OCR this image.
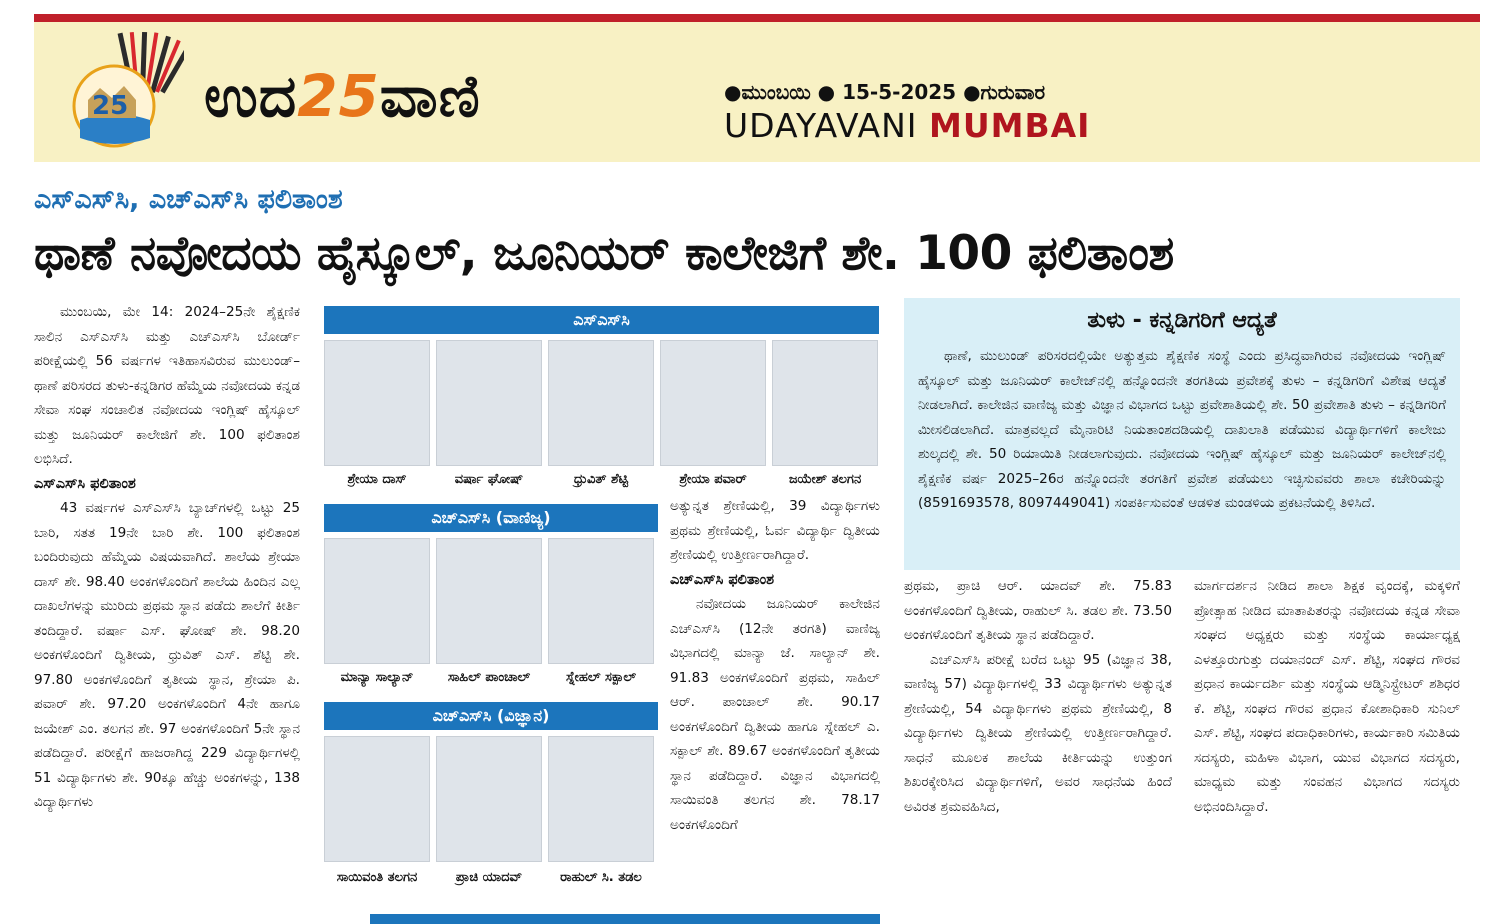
25 ಉದ25ವಾಣಿ	●ಮುಂಬಯಿ ● 15-5-2025 ●ಗುರುವಾರ
UDAYAVANI MUMBAI
ಎಸ್‌ಎಸ್‌ಸಿ, ಎಚ್‌ಎಸ್‌ಸಿ ಫಲಿತಾಂಶ
ಥಾಣೆ ನವೋದಯ ಹೈಸ್ಕೂಲ್‌, ಜೂನಿಯರ್‌ ಕಾಲೇಜಿಗೆ ಶೇ. 100 ಫಲಿತಾಂಶ

ಮುಂಬಯಿ, ಮೇ 14: 2024–25ನೇ ಶೈಕ್ಷಣಿಕ ಸಾಲಿನ ಎಸ್‌ಎಸ್‌ಸಿ ಮತ್ತು ಎಚ್‌ಎಸ್‌ಸಿ ಬೋರ್ಡ್‌ ಪರೀಕ್ಷೆಯಲ್ಲಿ 56 ವರ್ಷಗಳ ಇತಿಹಾಸವಿರುವ ಮುಲುಂಡ್‌–ಥಾಣೆ ಪರಿಸರದ ತುಳು-ಕನ್ನಡಿಗರ ಹೆಮ್ಮೆಯ ನವೋದಯ ಕನ್ನಡ ಸೇವಾ ಸಂಘ ಸಂಚಾಲಿತ ನವೋದಯ ಇಂಗ್ಲಿಷ್‌ ಹೈಸ್ಕೂಲ್‌ ಮತ್ತು ಜೂನಿಯರ್‌ ಕಾಲೇಜಿಗೆ ಶೇ. 100 ಫಲಿತಾಂಶ ಲಭಿಸಿದೆ.

ಎಸ್‌ಎಸ್‌ಸಿ ಫಲಿತಾಂಶ

43 ವರ್ಷಗಳ ಎಸ್‌ಎಸ್‌ಸಿ ಬ್ಯಾಚ್‌ಗಳಲ್ಲಿ ಒಟ್ಟು 25 ಬಾರಿ, ಸತತ 19ನೇ ಬಾರಿ ಶೇ. 100 ಫಲಿತಾಂಶ ಬಂದಿರುವುದು ಹೆಮ್ಮೆಯ ವಿಷಯವಾಗಿದೆ. ಶಾಲೆಯ ಶ್ರೇಯಾ ದಾಸ್‌ ಶೇ. 98.40 ಅಂಕಗಳೊಂದಿಗೆ ಶಾಲೆಯ ಹಿಂದಿನ ಎಲ್ಲ ದಾಖಲೆಗಳನ್ನು ಮುರಿದು ಪ್ರಥಮ ಸ್ಥಾನ ಪಡೆದು ಶಾಲೆಗೆ ಕೀರ್ತಿ ತಂದಿದ್ದಾರೆ. ವರ್ಷಾ ಎಸ್‌. ಘೋಷ್‌ ಶೇ. 98.20 ಅಂಕಗಳೊಂದಿಗೆ ದ್ವಿತೀಯ, ಧ್ರುವಿತ್‌ ಎಸ್‌. ಶೆಟ್ಟಿ ಶೇ. 97.80 ಅಂಕಗಳೊಂದಿಗೆ ತೃತೀಯ ಸ್ಥಾನ, ಶ್ರೇಯಾ ಪಿ. ಪವಾರ್‌ ಶೇ. 97.20 ಅಂಕಗಳೊಂದಿಗೆ 4ನೇ ಹಾಗೂ ಜಯೇಶ್‌ ಎಂ. ತಲಗನ ಶೇ. 97 ಅಂಕಗಳೊಂದಿಗೆ 5ನೇ ಸ್ಥಾನ ಪಡೆದಿದ್ದಾರೆ. ಪರೀಕ್ಷೆಗೆ ಹಾಜರಾಗಿದ್ದ 229 ವಿದ್ಯಾರ್ಥಿಗಳಲ್ಲಿ 51 ವಿದ್ಯಾರ್ಥಿಗಳು ಶೇ. 90ಕ್ಕೂ ಹೆಚ್ಚು ಅಂಕಗಳನ್ನು, 138 ವಿದ್ಯಾರ್ಥಿಗಳು

ಎಸ್‌ಎಸ್‌ಸಿ
ಶ್ರೇಯಾ ದಾಸ್‌	ವರ್ಷಾ ಘೋಷ್‌	ಧ್ರುವಿತ್‌ ಶೆಟ್ಟಿ	ಶ್ರೇಯಾ ಪವಾರ್‌	ಜಯೇಶ್‌ ತಲಗನ
ಎಚ್‌ಎಸ್‌ಸಿ (ವಾಣಿಜ್ಯ)
ಮಾನ್ಯಾ ಸಾಲ್ಯಾನ್‌	ಸಾಹಿಲ್‌ ಪಾಂಚಾಲ್‌	ಸ್ನೇಹಲ್‌ ಸಕ್ಪಾಲ್‌
ಎಚ್‌ಎಸ್‌ಸಿ (ವಿಜ್ಞಾನ)
ಸಾಯಿವಂತಿ ತಲಗನ	ಪ್ರಾಚಿ ಯಾದವ್‌	ರಾಹುಲ್‌ ಸಿ. ತಡಲ

ಅತ್ಯುನ್ನತ ಶ್ರೇಣಿಯಲ್ಲಿ, 39 ವಿದ್ಯಾರ್ಥಿಗಳು ಪ್ರಥಮ ಶ್ರೇಣಿಯಲ್ಲಿ, ಓರ್ವ ವಿದ್ಯಾರ್ಥಿ ದ್ವಿತೀಯ ಶ್ರೇಣಿಯಲ್ಲಿ ಉತ್ತೀರ್ಣರಾಗಿದ್ದಾರೆ.

ಎಚ್‌ಎಸ್‌ಸಿ ಫಲಿತಾಂಶ

ನವೋದಯ ಜೂನಿಯರ್‌ ಕಾಲೇಜಿನ ಎಚ್‌ಎಸ್‌ಸಿ (12ನೇ ತರಗತಿ) ವಾಣಿಜ್ಯ ವಿಭಾಗದಲ್ಲಿ ಮಾನ್ಯಾ ಜೆ. ಸಾಲ್ಯಾನ್‌ ಶೇ. 91.83 ಅಂಕಗಳೊಂದಿಗೆ ಪ್ರಥಮ, ಸಾಹಿಲ್‌ ಆರ್‌. ಪಾಂಚಾಲ್‌ ಶೇ. 90.17 ಅಂಕಗಳೊಂದಿಗೆ ದ್ವಿತೀಯ ಹಾಗೂ ಸ್ನೇಹಲ್‌ ಎ. ಸಕ್ಪಾಲ್‌ ಶೇ. 89.67 ಅಂಕಗಳೊಂದಿಗೆ ತೃತೀಯ ಸ್ಥಾನ ಪಡೆದಿದ್ದಾರೆ. ವಿಜ್ಞಾನ ವಿಭಾಗದಲ್ಲಿ ಸಾಯಿವಂತಿ ತಲಗನ ಶೇ. 78.17 ಅಂಕಗಳೊಂದಿಗೆ

ತುಳು - ಕನ್ನಡಿಗರಿಗೆ ಆದ್ಯತೆ

ಥಾಣೆ, ಮುಲುಂಡ್‌ ಪರಿಸರದಲ್ಲಿಯೇ ಅತ್ಯುತ್ತಮ ಶೈಕ್ಷಣಿಕ ಸಂಸ್ಥೆ ಎಂದು ಪ್ರಸಿದ್ಧವಾಗಿರುವ ನವೋದಯ ಇಂಗ್ಲಿಷ್‌ ಹೈಸ್ಕೂಲ್‌ ಮತ್ತು ಜೂನಿಯರ್‌ ಕಾಲೇಜ್‌ನಲ್ಲಿ ಹನ್ನೊಂದನೇ ತರಗತಿಯ ಪ್ರವೇಶಕ್ಕೆ ತುಳು – ಕನ್ನಡಿಗರಿಗೆ ವಿಶೇಷ ಆದ್ಯತೆ ನೀಡಲಾಗಿದೆ. ಕಾಲೇಜಿನ ವಾಣಿಜ್ಯ ಮತ್ತು ವಿಜ್ಞಾನ ವಿಭಾಗದ ಒಟ್ಟು ಪ್ರವೇಶಾತಿಯಲ್ಲಿ ಶೇ. 50 ಪ್ರವೇಶಾತಿ ತುಳು – ಕನ್ನಡಿಗರಿಗೆ ಮೀಸಲಿಡಲಾಗಿದೆ. ಮಾತ್ರವಲ್ಲದೆ ಮೈನಾರಿಟಿ ನಿಯತಾಂಶದಡಿಯಲ್ಲಿ ದಾಖಲಾತಿ ಪಡೆಯುವ ವಿದ್ಯಾರ್ಥಿಗಳಿಗೆ ಕಾಲೇಜು ಶುಲ್ಕದಲ್ಲಿ ಶೇ. 50 ರಿಯಾಯಿತಿ ನೀಡಲಾಗುವುದು. ನವೋದಯ ಇಂಗ್ಲಿಷ್‌ ಹೈಸ್ಕೂಲ್‌ ಮತ್ತು ಜೂನಿಯರ್‌ ಕಾಲೇಜ್‌ನಲ್ಲಿ ಶೈಕ್ಷಣಿಕ ವರ್ಷ 2025–26ರ ಹನ್ನೊಂದನೇ ತರಗತಿಗೆ ಪ್ರವೇಶ ಪಡೆಯಲು ಇಚ್ಛಿಸುವವರು ಶಾಲಾ ಕಚೇರಿಯನ್ನು (8591693578, 8097449041) ಸಂಪರ್ಕಿಸುವಂತೆ ಆಡಳಿತ ಮಂಡಳಿಯ ಪ್ರಕಟನೆಯಲ್ಲಿ ತಿಳಿಸಿದೆ.

ಪ್ರಥಮ, ಪ್ರಾಚಿ ಆರ್‌. ಯಾದವ್‌ ಶೇ. 75.83 ಅಂಕಗಳೊಂದಿಗೆ ದ್ವಿತೀಯ, ರಾಹುಲ್‌ ಸಿ. ತಡಲ ಶೇ. 73.50 ಅಂಕಗಳೊಂದಿಗೆ ತೃತೀಯ ಸ್ಥಾನ ಪಡೆದಿದ್ದಾರೆ.

ಎಚ್‌ಎಸ್‌ಸಿ ಪರೀಕ್ಷೆ ಬರೆದ ಒಟ್ಟು 95 (ವಿಜ್ಞಾನ 38, ವಾಣಿಜ್ಯ 57) ವಿದ್ಯಾರ್ಥಿಗಳಲ್ಲಿ 33 ವಿದ್ಯಾರ್ಥಿಗಳು ಅತ್ಯುನ್ನತ ಶ್ರೇಣಿಯಲ್ಲಿ, 54 ವಿದ್ಯಾರ್ಥಿಗಳು ಪ್ರಥಮ ಶ್ರೇಣಿಯಲ್ಲಿ, 8 ವಿದ್ಯಾರ್ಥಿಗಳು ದ್ವಿತೀಯ ಶ್ರೇಣಿಯಲ್ಲಿ ಉತ್ತೀರ್ಣರಾಗಿದ್ದಾರೆ. ಸಾಧನೆ ಮೂಲಕ ಶಾಲೆಯ ಕೀರ್ತಿಯನ್ನು ಉತ್ತುಂಗ ಶಿಖರಕ್ಕೇರಿಸಿದ ವಿದ್ಯಾರ್ಥಿಗಳಿಗೆ, ಅವರ ಸಾಧನೆಯ ಹಿಂದೆ ಅವಿರತ ಶ್ರಮವಹಿಸಿದ,

ಮಾರ್ಗದರ್ಶನ ನೀಡಿದ ಶಾಲಾ ಶಿಕ್ಷಕ ವೃಂದಕ್ಕೆ, ಮಕ್ಕಳಿಗೆ ಪ್ರೋತ್ಸಾಹ ನೀಡಿದ ಮಾತಾಪಿತರನ್ನು ನವೋದಯ ಕನ್ನಡ ಸೇವಾ ಸಂಘದ ಅಧ್ಯಕ್ಷರು ಮತ್ತು ಸಂಸ್ಥೆಯ ಕಾರ್ಯಾಧ್ಯಕ್ಷ ಎಳತ್ತೂರುಗುತ್ತು ದಯಾನಂದ್‌ ಎಸ್‌. ಶೆಟ್ಟಿ, ಸಂಘದ ಗೌರವ ಪ್ರಧಾನ ಕಾರ್ಯದರ್ಶಿ ಮತ್ತು ಸಂಸ್ಥೆಯ ಆಡ್ಮಿನಿಸ್ಟ್ರೇಟರ್‌ ಶಶಿಧರ ಕೆ. ಶೆಟ್ಟಿ, ಸಂಘದ ಗೌರವ ಪ್ರಧಾನ ಕೋಶಾಧಿಕಾರಿ ಸುನಿಲ್‌ ಎಸ್‌. ಶೆಟ್ಟಿ, ಸಂಘದ ಪದಾಧಿಕಾರಿಗಳು, ಕಾರ್ಯಕಾರಿ ಸಮಿತಿಯ ಸದಸ್ಯರು, ಮಹಿಳಾ ವಿಭಾಗ, ಯುವ ವಿಭಾಗದ ಸದಸ್ಯರು, ಮಾಧ್ಯಮ ಮತ್ತು ಸಂವಹನ ವಿಭಾಗದ ಸದಸ್ಯರು ಅಭಿನಂದಿಸಿದ್ದಾರೆ.
